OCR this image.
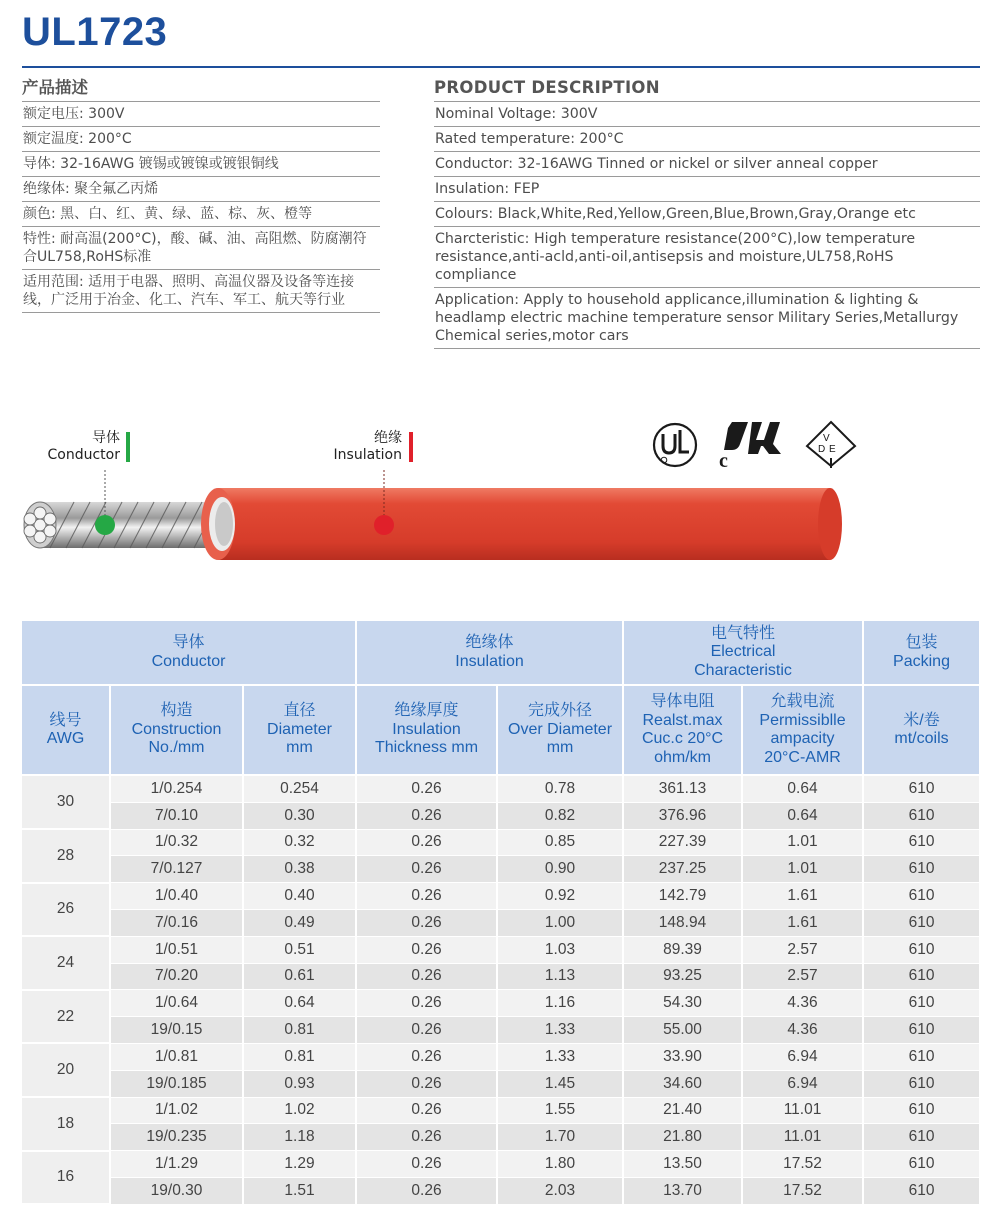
UL1723
产品描述
额定电压: 300V
额定温度: 200°C
导体: 32-16AWG 镀锡或镀镍或镀银铜线
绝缘体: 聚全氟乙丙烯
颜色: 黑、白、红、黄、绿、蓝、棕、灰、橙等
特性: 耐高温(200°C)，酸、碱、油、高阻燃、防腐潮符合UL758,RoHS标准
适用范围: 适用于电器、照明、高温仪器及设备等连接线，广泛用于冶金、化工、汽车、军工、航天等行业
PRODUCT DESCRIPTION
Nominal Voltage: 300V
Rated temperature: 200°C
Conductor: 32-16AWG Tinned or nickel or silver anneal copper
Insulation: FEP
Colours: Black,White,Red,Yellow,Green,Blue,Brown,Gray,Orange etc
Charcteristic: High temperature resistance(200°C),low temperature resistance,anti-acld,anti-oil,antisepsis and moisture,UL758,RoHS compliance
Application: Apply to household applicance,illumination & lighting & headlamp electric machine temperature sensor Military Series,Metallurgy Chemical series,motor cars
导体
Conductor
绝缘
Insulation	c
V
D E
导体
Conductor			绝缘体
Insulation		电气特性
Electrical
Characteristic		包装
Packing
线号
AWG	构造
Construction
No./mm	直径
Diameter
mm	绝缘厚度
Insulation
Thickness mm	完成外径
Over Diameter
mm	导体电阻
Realst.max
Cuc.c 20°C
ohm/km	允载电流
Permissiblle
ampacity
20°C-AMR	米/卷
mt/coils
30	1/0.254	0.254	0.26	0.78	361.13	0.64	610
	7/0.10	0.30	0.26	0.82	376.96	0.64	610
28	1/0.32	0.32	0.26	0.85	227.39	1.01	610
	7/0.127	0.38	0.26	0.90	237.25	1.01	610
26	1/0.40	0.40	0.26	0.92	142.79	1.61	610
	7/0.16	0.49	0.26	1.00	148.94	1.61	610
24	1/0.51	0.51	0.26	1.03	89.39	2.57	610
	7/0.20	0.61	0.26	1.13	93.25	2.57	610
22	1/0.64	0.64	0.26	1.16	54.30	4.36	610
	19/0.15	0.81	0.26	1.33	55.00	4.36	610
20	1/0.81	0.81	0.26	1.33	33.90	6.94	610
	19/0.185	0.93	0.26	1.45	34.60	6.94	610
18	1/1.02	1.02	0.26	1.55	21.40	11.01	610
	19/0.235	1.18	0.26	1.70	21.80	11.01	610
16	1/1.29	1.29	0.26	1.80	13.50	17.52	610
	19/0.30	1.51	0.26	2.03	13.70	17.52	610
